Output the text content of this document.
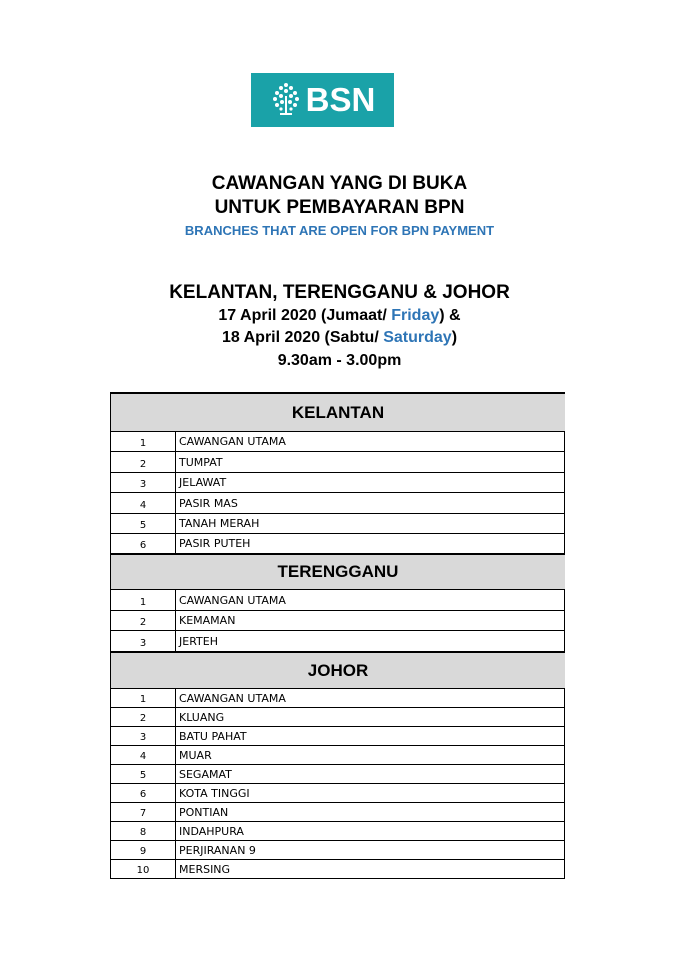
BSN
CAWANGAN YANG DI BUKA
UNTUK PEMBAYARAN BPN
BRANCHES THAT ARE OPEN FOR BPN PAYMENT
KELANTAN, TERENGGANU & JOHOR
17 April 2020 (Jumaat/ Friday) &
18 April 2020 (Sabtu/ Saturday)
9.30am - 3.00pm
KELANTAN
1	CAWANGAN UTAMA
2	TUMPAT
3	JELAWAT
4	PASIR MAS
5	TANAH MERAH
6	PASIR PUTEH
TERENGGANU
1	CAWANGAN UTAMA
2	KEMAMAN
3	JERTEH
JOHOR
1	CAWANGAN UTAMA
2	KLUANG
3	BATU PAHAT
4	MUAR
5	SEGAMAT
6	KOTA TINGGI
7	PONTIAN
8	INDAHPURA
9	PERJIRANAN 9
10	MERSING
